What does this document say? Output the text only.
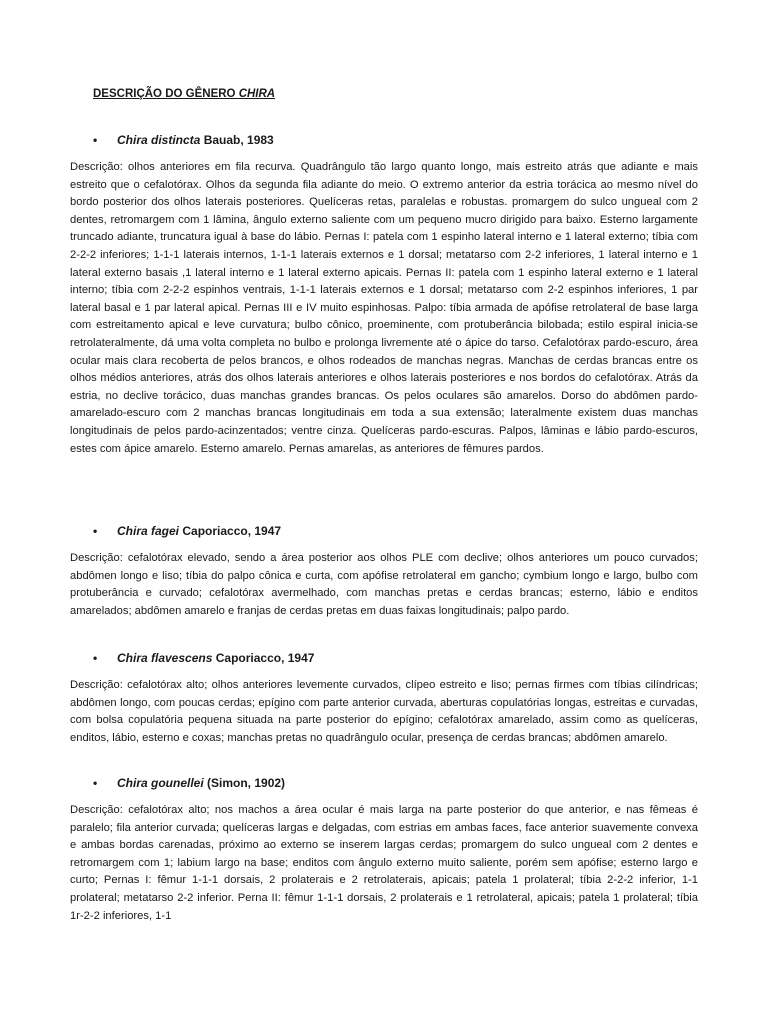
DESCRIÇÃO DO GÊNERO CHIRA
• Chira distincta Bauab, 1983

Descrição: olhos anteriores em fila recurva. Quadrângulo tão largo quanto longo, mais estreito atrás que adiante e mais estreito que o cefalotórax. Olhos da segunda fila adiante do meio. O extremo anterior da estria torácica ao mesmo nível do bordo posterior dos olhos laterais posteriores. Quelíceras retas, paralelas e robustas. promargem do sulco ungueal com 2 dentes, retromargem com 1 lâmina, ângulo externo saliente com um pequeno mucro dirigido para baixo. Esterno largamente truncado adiante, truncatura igual à base do lábio. Pernas I: patela com 1 espinho lateral interno e 1 lateral externo; tíbia com 2-2-2 inferiores; 1-1-1 laterais internos, 1-1-1 laterais externos e 1 dorsal; metatarso com 2-2 inferiores, 1 lateral interno e 1 lateral externo basais ,1 lateral interno e 1 lateral externo apicais. Pernas II: patela com 1 espinho lateral externo e 1 lateral interno; tíbia com 2-2-2 espinhos ventrais, 1-1-1 laterais externos e 1 dorsal; metatarso com 2-2 espinhos inferiores, 1 par lateral basal e 1 par lateral apical. Pernas III e IV muito espinhosas. Palpo: tíbia armada de apófise retrolateral de base larga com estreitamento apical e leve curvatura; bulbo cônico, proeminente, com protuberância bilobada; estilo espiral inicia-se retrolateralmente, dá uma volta completa no bulbo e prolonga livremente até o ápice do tarso. Cefalotórax pardo-escuro, área ocular mais clara recoberta de pelos brancos, e olhos rodeados de manchas negras. Manchas de cerdas brancas entre os olhos médios anteriores, atrás dos olhos laterais anteriores e olhos laterais posteriores e nos bordos do cefalotórax. Atrás da estria, no declive torácico, duas manchas grandes brancas. Os pelos oculares são amarelos. Dorso do abdômen pardo-amarelado-escuro com 2 manchas brancas longitudinais em toda a sua extensão; lateralmente existem duas manchas longitudinais de pelos pardo-acinzentados; ventre cinza. Quelíceras pardo-escuras. Palpos, lâminas e lábio pardo-escuros, estes com ápice amarelo. Esterno amarelo. Pernas amarelas, as anteriores de fêmures pardos.

• Chira fagei Caporiacco, 1947

Descrição: cefalotórax elevado, sendo a área posterior aos olhos PLE com declive; olhos anteriores um pouco curvados; abdômen longo e liso; tíbia do palpo cônica e curta, com apófise retrolateral em gancho; cymbium longo e largo, bulbo com protuberância e curvado; cefalotórax avermelhado, com manchas pretas e cerdas brancas; esterno, lábio e enditos amarelados; abdômen amarelo e franjas de cerdas pretas em duas faixas longitudinais; palpo pardo.

• Chira flavescens Caporiacco, 1947

Descrição: cefalotórax alto; olhos anteriores levemente curvados, clípeo estreito e liso; pernas firmes com tíbias cilíndricas; abdômen longo, com poucas cerdas; epígino com parte anterior curvada, aberturas copulatórias longas, estreitas e curvadas, com bolsa copulatória pequena situada na parte posterior do epígino; cefalotórax amarelado, assim como as quelíceras, enditos, lábio, esterno e coxas; manchas pretas no quadrângulo ocular, presença de cerdas brancas; abdômen amarelo.

• Chira gounellei (Simon, 1902)

Descrição: cefalotórax alto; nos machos a área ocular é mais larga na parte posterior do que anterior, e nas fêmeas é paralelo; fila anterior curvada; quelíceras largas e delgadas, com estrias em ambas faces, face anterior suavemente convexa e ambas bordas carenadas, próximo ao externo se inserem largas cerdas; promargem do sulco ungueal com 2 dentes e retromargem com 1; labium largo na base; enditos com ângulo externo muito saliente, porém sem apófise; esterno largo e curto; Pernas I: fêmur 1-1-1 dorsais, 2 prolaterais e 2 retrolaterais, apicais; patela 1 prolateral; tíbia 2-2-2 inferior, 1-1 prolateral; metatarso 2-2 inferior. Perna II: fêmur 1-1-1 dorsais, 2 prolaterais e 1 retrolateral, apicais; patela 1 prolateral; tíbia 1r-2-2 inferiores, 1-1
